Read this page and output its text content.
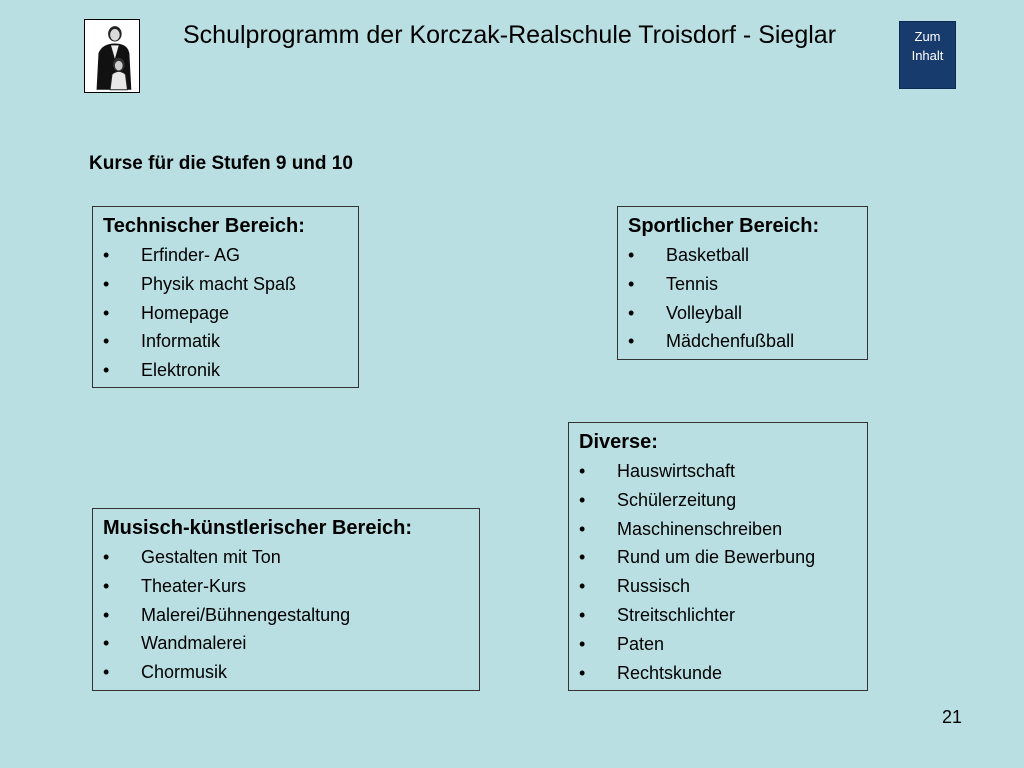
Schulprogramm der Korczak-Realschule Troisdorf - Sieglar	Zum
Inhalt
Kurse für die Stufen 9 und 10
Technischer Bereich:
• Erfinder- AG
• Physik macht Spaß
• Homepage
• Informatik
• Elektronik
Sportlicher Bereich:
• Basketball
• Tennis
• Volleyball
• Mädchenfußball
Diverse:
• Hauswirtschaft
• Schülerzeitung
• Maschinenschreiben
• Rund um die Bewerbung
• Russisch
• Streitschlichter
• Paten
• Rechtskunde
Musisch-künstlerischer Bereich:
• Gestalten mit Ton
• Theater-Kurs
• Malerei/Bühnengestaltung
• Wandmalerei
• Chormusik
21
